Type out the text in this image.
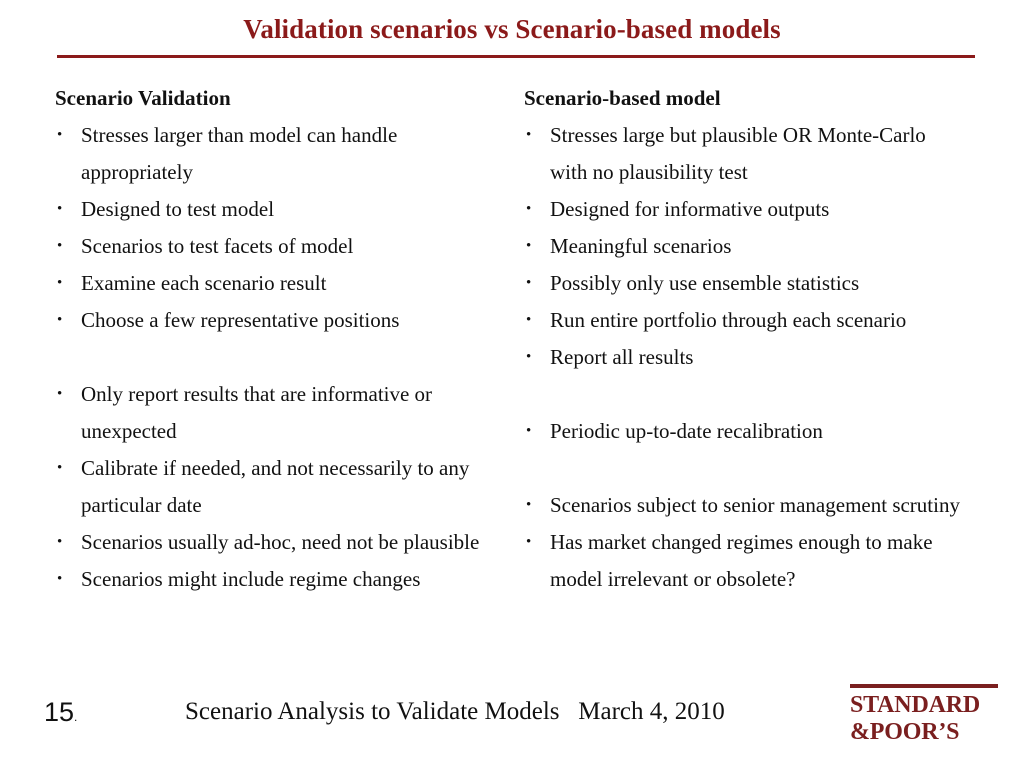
Validation scenarios vs Scenario-based models
Scenario Validation
• Stresses larger than model can handle appropriately
• Designed to test model
• Scenarios to test facets of model
• Examine each scenario result
• Choose a few representative positions
• Only report results that are informative or unexpected
• Calibrate if needed, and not necessarily to any particular date
• Scenarios usually ad-hoc, need not be plausible
• Scenarios might include regime changes
Scenario-based model
• Stresses large but plausible OR Monte-Carlo with no plausibility test
• Designed for informative outputs
• Meaningful scenarios
• Possibly only use ensemble statistics
• Run entire portfolio through each scenario
• Report all results
• Periodic up-to-date recalibration
• Scenarios subject to senior management scrutiny
• Has market changed regimes enough to make model irrelevant or obsolete?
15.	Scenario Analysis to Validate Models March 4, 2010	STANDARD
&POOR’S
